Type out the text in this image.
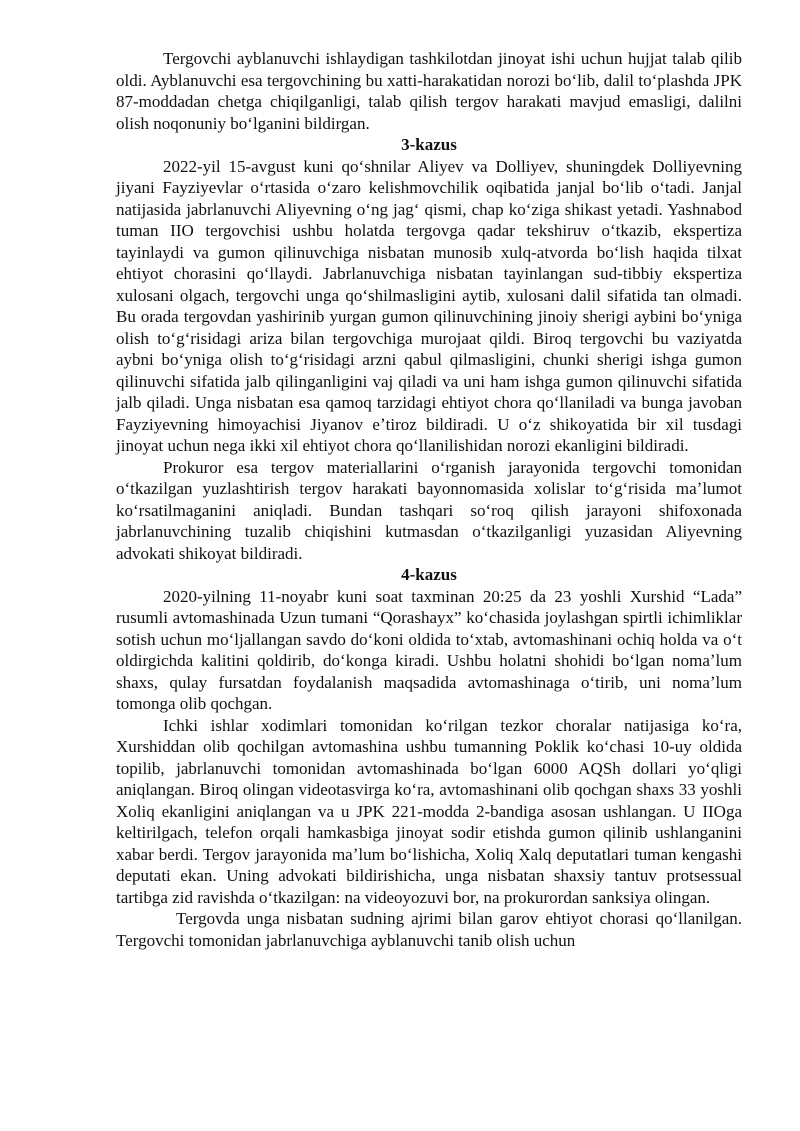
Tergovchi ayblanuvchi ishlaydigan tashkilotdan jinoyat ishi uchun hujjat talab qilib oldi. Ayblanuvchi esa tergovchining bu xatti-harakatidan norozi boʻlib, dalil toʻplashda JPK 87-moddadan chetga chiqilganligi, talab qilish tergov harakati mavjud emasligi, dalilni olish noqonuniy boʻlganini bildirgan.

3-kazus

2022-yil 15-avgust kuni qoʻshnilar Aliyev va Dolliyev, shuningdek Dolliyevning jiyani Fayziyevlar oʻrtasida oʻzaro kelishmovchilik oqibatida janjal boʻlib oʻtadi. Janjal natijasida jabrlanuvchi Aliyevning oʻng jagʻ qismi, chap koʻziga shikast yetadi. Yashnabod tuman IIO tergovchisi ushbu holatda tergovga qadar tekshiruv oʻtkazib, ekspertiza tayinlaydi va gumon qilinuvchiga nisbatan munosib xulq-atvorda boʻlish haqida tilxat ehtiyot chorasini qoʻllaydi. Jabrlanuvchiga nisbatan tayinlangan sud-tibbiy ekspertiza xulosani olgach, tergovchi unga qoʻshilmasligini aytib, xulosani dalil sifatida tan olmadi. Bu orada tergovdan yashirinib yurgan gumon qilinuvchining jinoiy sherigi aybini boʻyniga olish toʻgʻrisidagi ariza bilan tergovchiga murojaat qildi. Biroq tergovchi bu vaziyatda aybni boʻyniga olish toʻgʻrisidagi arzni qabul qilmasligini, chunki sherigi ishga gumon qilinuvchi sifatida jalb qilinganligini vaj qiladi va uni ham ishga gumon qilinuvchi sifatida jalb qiladi. Unga nisbatan esa qamoq tarzidagi ehtiyot chora qoʻllaniladi va bunga javoban Fayziyevning himoyachisi Jiyanov eʼtiroz bildiradi. U oʻz shikoyatida bir xil tusdagi jinoyat uchun nega ikki xil ehtiyot chora qoʻllanilishidan norozi ekanligini bildiradi.

Prokuror esa tergov materiallarini oʻrganish jarayonida tergovchi tomonidan oʻtkazilgan yuzlashtirish tergov harakati bayonnomasida xolislar toʻgʻrisida maʼlumot koʻrsatilmaganini aniqladi. Bundan tashqari soʻroq qilish jarayoni shifoxonada jabrlanuvchining tuzalib chiqishini kutmasdan oʻtkazilganligi yuzasidan Aliyevning advokati shikoyat bildiradi.

4-kazus

2020-yilning 11-noyabr kuni soat taxminan 20:25 da 23 yoshli Xurshid “Lada” rusumli avtomashinada Uzun tumani “Qorashayx” koʻchasida joylashgan spirtli ichimliklar sotish uchun moʻljallangan savdo doʻkoni oldida toʻxtab, avtomashinani ochiq holda va oʻt oldirgichda kalitini qoldirib, doʻkonga kiradi. Ushbu holatni shohidi boʻlgan nomaʼlum shaxs, qulay fursatdan foydalanish maqsadida avtomashinaga oʻtirib, uni nomaʼlum tomonga olib qochgan.

Ichki ishlar xodimlari tomonidan koʻrilgan tezkor choralar natijasiga koʻra, Xurshiddan olib qochilgan avtomashina ushbu tumanning Poklik koʻchasi 10-uy oldida topilib, jabrlanuvchi tomonidan avtomashinada boʻlgan 6000 AQSh dollari yoʻqligi aniqlangan. Biroq olingan videotasvirga koʻra, avtomashinani olib qochgan shaxs 33 yoshli Xoliq ekanligini aniqlangan va u JPK 221-modda 2-bandiga asosan ushlangan. U IIOga keltirilgach, telefon orqali hamkasbiga jinoyat sodir etishda gumon qilinib ushlanganini xabar berdi. Tergov jarayonida maʼlum boʻlishicha, Xoliq Xalq deputatlari tuman kengashi deputati ekan. Uning advokati bildirishicha, unga nisbatan shaxsiy tantuv protsessual tartibga zid ravishda oʻtkazilgan: na videoyozuvi bor, na prokurordan sanksiya olingan.

Tergovda unga nisbatan sudning ajrimi bilan garov ehtiyot chorasi qoʻllanilgan. Tergovchi tomonidan jabrlanuvchiga ayblanuvchi tanib olish uchun
